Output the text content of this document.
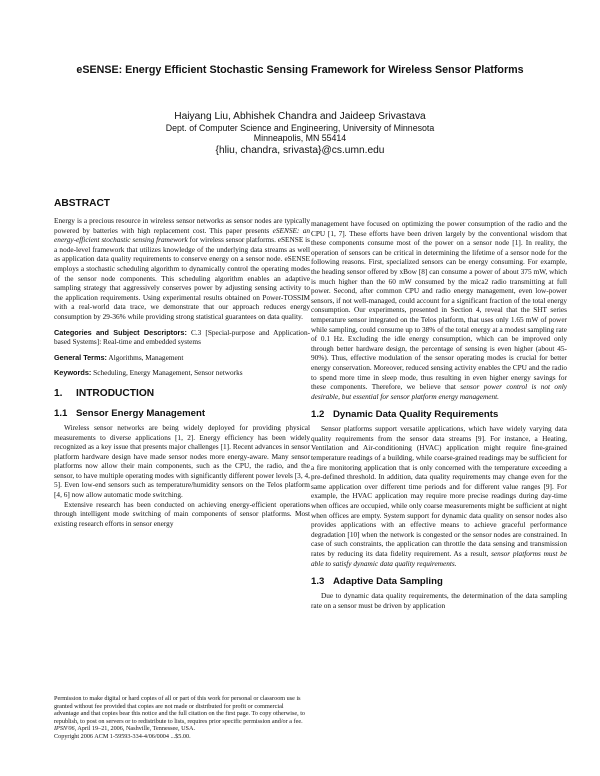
eSENSE: Energy Efficient Stochastic Sensing Framework for Wireless Sensor Platforms
Haiyang Liu, Abhishek Chandra and Jaideep Srivastava
Dept. of Computer Science and Engineering, University of Minnesota
Minneapolis, MN 55414
{hliu, chandra, srivasta}@cs.umn.edu
ABSTRACT

Energy is a precious resource in wireless sensor networks as sensor nodes are typically powered by batteries with high replacement cost. This paper presents eSENSE: an energy-efficient stochastic sensing framework for wireless sensor platforms. eSENSE is a node-level framework that utilizes knowledge of the underlying data streams as well as application data quality requirements to conserve energy on a sensor node. eSENSE employs a stochastic scheduling algorithm to dynamically control the operating modes of the sensor node components. This scheduling algorithm enables an adaptive sampling strategy that aggressively conserves power by adjusting sensing activity to the application requirements. Using experimental results obtained on Power-TOSSIM with a real-world data trace, we demonstrate that our approach reduces energy consumption by 29-36% while providing strong statistical guarantees on data quality.

Categories and Subject Descriptors: C.3 [Special-purpose and Application-based Systems]: Real-time and embedded systems

General Terms: Algorithms, Management

Keywords: Scheduling, Energy Management, Sensor networks

1. INTRODUCTION
1.1 Sensor Energy Management

Wireless sensor networks are being widely deployed for providing physical measurements to diverse applications [1, 2]. Energy efficiency has been widely recognized as a key issue that presents major challenges [1]. Recent advances in sensor platform hardware design have made sensor nodes more energy-aware. Many sensor platforms now allow their main components, such as the CPU, the radio, and the sensor, to have multiple operating modes with significantly different power levels [3, 4, 5]. Even low-end sensors such as temperature/humidity sensors on the Telos platform [4, 6] now allow automatic mode switching.

Extensive research has been conducted on achieving energy-efficient operations through intelligent mode switching of main components of sensor platforms. Most existing research efforts in sensor energy

Permission to make digital or hard copies of all or part of this work for personal or classroom use is granted without fee provided that copies are not made or distributed for profit or commercial advantage and that copies bear this notice and the full citation on the first page. To copy otherwise, to republish, to post on servers or to redistribute to lists, requires prior specific permission and/or a fee.

IPSN'06, April 19–21, 2006, Nashville, Tennessee, USA.

Copyright 2006 ACM 1-59593-334-4/06/0004 ...$5.00.

management have focused on optimizing the power consumption of the radio and the CPU [1, 7]. These efforts have been driven largely by the conventional wisdom that these components consume most of the power on a sensor node [1]. In reality, the operation of sensors can be critical in determining the lifetime of a sensor node for the following reasons. First, specialized sensors can be energy consuming. For example, the heading sensor offered by xBow [8] can consume a power of about 375 mW, which is much higher than the 60 mW consumed by the mica2 radio transmitting at full power. Second, after common CPU and radio energy management, even low-power sensors, if not well-managed, could account for a significant fraction of the total energy consumption. Our experiments, presented in Section 4, reveal that the SHT series temperature sensor integrated on the Telos platform, that uses only 1.65 mW of power while sampling, could consume up to 38% of the total energy at a modest sampling rate of 0.1 Hz. Excluding the idle energy consumption, which can be improved only through better hardware design, the percentage of sensing is even higher (about 45-90%). Thus, effective modulation of the sensor operating modes is crucial for better energy conservation. Moreover, reduced sensing activity enables the CPU and the radio to spend more time in sleep mode, thus resulting in even higher energy savings for these components. Therefore, we believe that sensor power control is not only desirable, but essential for sensor platform energy management.

1.2 Dynamic Data Quality Requirements

Sensor platforms support versatile applications, which have widely varying data quality requirements from the sensor data streams [9]. For instance, a Heating, Ventilation and Air-conditioning (HVAC) application might require fine-grained temperature readings of a building, while coarse-grained readings may be sufficient for a fire monitoring application that is only concerned with the temperature exceeding a pre-defined threshold. In addition, data quality requirements may change even for the same application over different time periods and for different value ranges [9]. For example, the HVAC application may require more precise readings during day-time when offices are occupied, while only coarse measurements might be sufficient at night when offices are empty. System support for dynamic data quality on sensor nodes also provides applications with an effective means to achieve graceful performance degradation [10] when the network is congested or the sensor nodes are constrained. In case of such constraints, the application can throttle the data sensing and transmission rates by reducing its data fidelity requirement. As a result, sensor platforms must be able to satisfy dynamic data quality requirements.

1.3 Adaptive Data Sampling

Due to dynamic data quality requirements, the determination of the data sampling rate on a sensor must be driven by application
